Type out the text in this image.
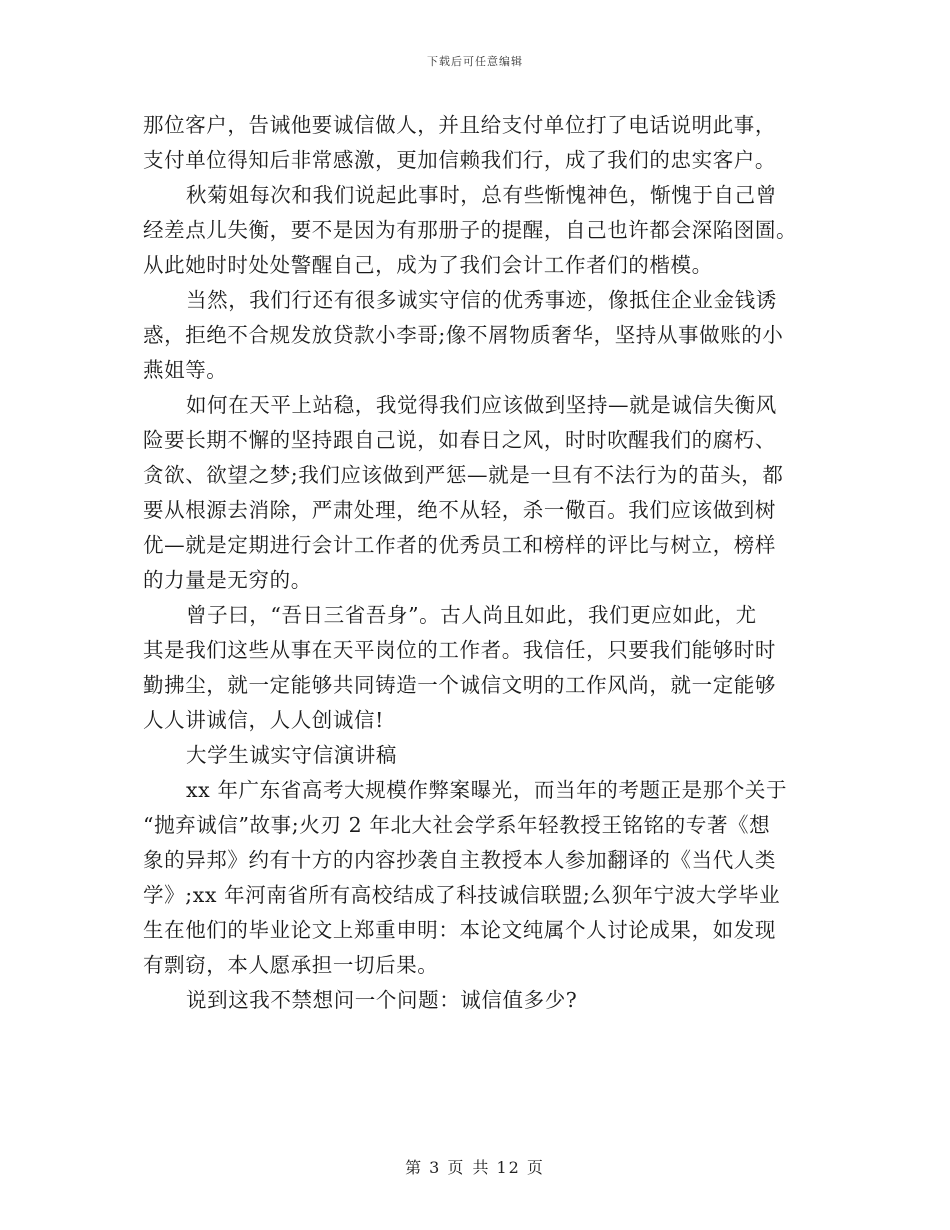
下载后可任意编辑
那位客户，告诫他要诚信做人，并且给支付单位打了电话说明此事，
支付单位得知后非常感激，更加信赖我们行，成了我们的忠实客户。
秋菊姐每次和我们说起此事时，总有些惭愧神色，惭愧于自己曾
经差点儿失衡，要不是因为有那册子的提醒，自己也许都会深陷囹圄。
从此她时时处处警醒自己，成为了我们会计工作者们的楷模。
当然，我们行还有很多诚实守信的优秀事迹，像抵住企业金钱诱
惑，拒绝不合规发放贷款小李哥;像不屑物质奢华，坚持从事做账的小
燕姐等。
如何在天平上站稳，我觉得我们应该做到坚持—就是诚信失衡风
险要长期不懈的坚持跟自己说，如春日之风，时时吹醒我们的腐朽、
贪欲、欲望之梦;我们应该做到严惩—就是一旦有不法行为的苗头，都
要从根源去消除，严肃处理，绝不从轻，杀一儆百。我们应该做到树
优—就是定期进行会计工作者的优秀员工和榜样的评比与树立，榜样
的力量是无穷的。
曾子曰，“吾日三省吾身”。古人尚且如此，我们更应如此，尤
其是我们这些从事在天平岗位的工作者。我信任，只要我们能够时时
勤拂尘，就一定能够共同铸造一个诚信文明的工作风尚，就一定能够
人人讲诚信，人人创诚信!
大学生诚实守信演讲稿
xx 年广东省高考大规模作弊案曝光，而当年的考题正是那个关于
“抛弃诚信”故事;火刃 2 年北大社会学系年轻教授王铭铭的专著《想
象的异邦》约有十方的内容抄袭自主教授本人参加翻译的《当代人类
学》;xx 年河南省所有高校结成了科技诚信联盟;么狈年宁波大学毕业
生在他们的毕业论文上郑重申明：本论文纯属个人讨论成果，如发现
有剽窃，本人愿承担一切后果。
说到这我不禁想问一个问题：诚信值多少?
第 3 页 共 12 页
